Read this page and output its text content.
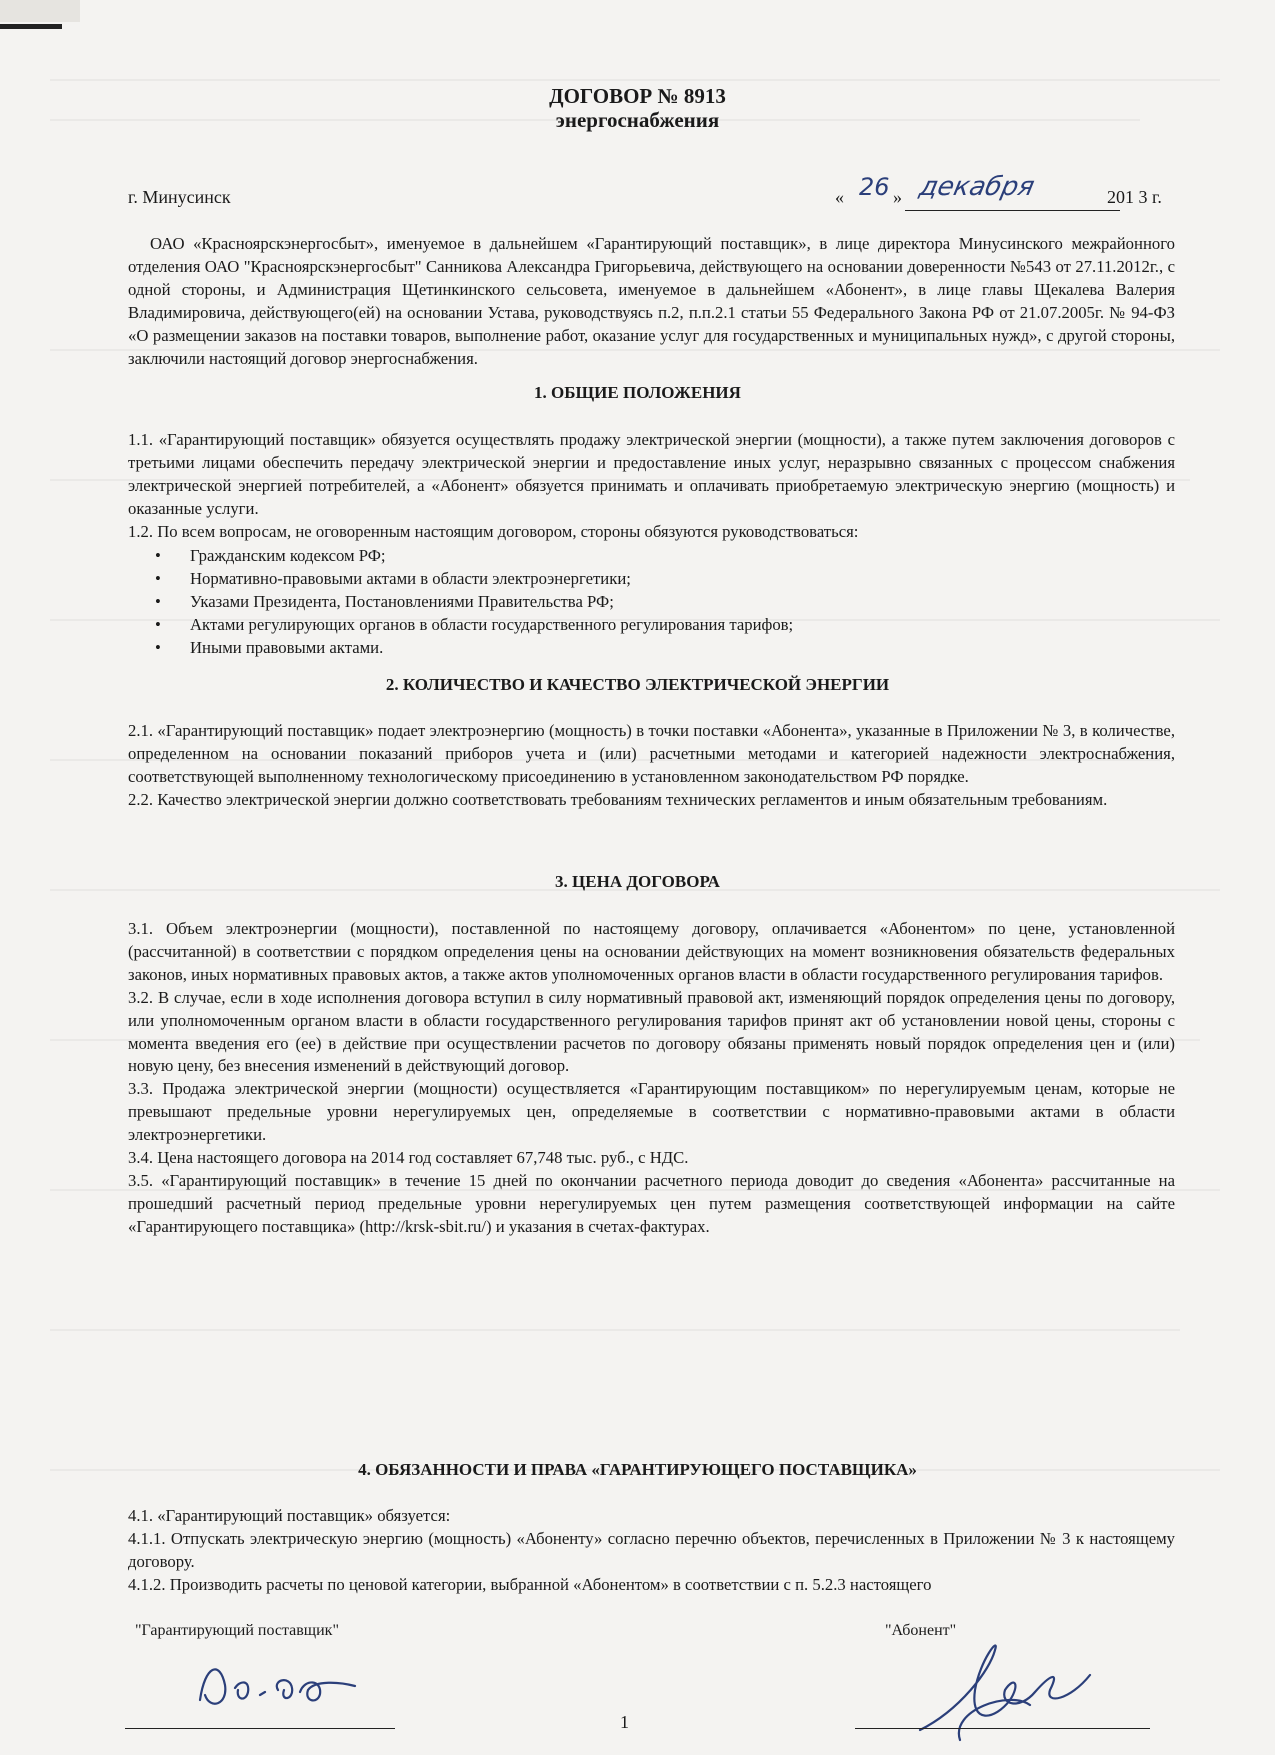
ДОГОВОР № 8913
энергоснабжения
г. Минусинск	« 26 » декабря	201 3 г.

ОАО «Красноярскэнергосбыт», именуемое в дальнейшем «Гарантирующий поставщик», в лице директора Минусинского межрайонного отделения ОАО "Красноярскэнергосбыт" Санникова Александра Григорьевича, действующего на основании доверенности №543 от 27.11.2012г., с одной стороны, и Администрация Щетинкинского сельсовета, именуемое в дальнейшем «Абонент», в лице главы Щекалева Валерия Владимировича, действующего(ей) на основании Устава, руководствуясь п.2, п.п.2.1 статьи 55 Федерального Закона РФ от 21.07.2005г. № 94-ФЗ «О размещении заказов на поставки товаров, выполнение работ, оказание услуг для государственных и муниципальных нужд», с другой стороны, заключили настоящий договор энергоснабжения.

1. ОБЩИЕ ПОЛОЖЕНИЯ

1.1. «Гарантирующий поставщик» обязуется осуществлять продажу электрической энергии (мощности), а также путем заключения договоров с третьими лицами обеспечить передачу электрической энергии и предоставление иных услуг, неразрывно связанных с процессом снабжения электрической энергией потребителей, а «Абонент» обязуется принимать и оплачивать приобретаемую электрическую энергию (мощность) и оказанные услуги.

1.2. По всем вопросам, не оговоренным настоящим договором, стороны обязуются руководствоваться:

• Гражданским кодексом РФ;
• Нормативно-правовыми актами в области электроэнергетики;
• Указами Президента, Постановлениями Правительства РФ;
• Актами регулирующих органов в области государственного регулирования тарифов;
• Иными правовыми актами.
2. КОЛИЧЕСТВО И КАЧЕСТВО ЭЛЕКТРИЧЕСКОЙ ЭНЕРГИИ

2.1. «Гарантирующий поставщик» подает электроэнергию (мощность) в точки поставки «Абонента», указанные в Приложении № 3, в количестве, определенном на основании показаний приборов учета и (или) расчетными методами и категорией надежности электроснабжения, соответствующей выполненному технологическому присоединению в установленном законодательством РФ порядке.

2.2. Качество электрической энергии должно соответствовать требованиям технических регламентов и иным обязательным требованиям.

3. ЦЕНА ДОГОВОРА

3.1. Объем электроэнергии (мощности), поставленной по настоящему договору, оплачивается «Абонентом» по цене, установленной (рассчитанной) в соответствии с порядком определения цены на основании действующих на момент возникновения обязательств федеральных законов, иных нормативных правовых актов, а также актов уполномоченных органов власти в области государственного регулирования тарифов.

3.2. В случае, если в ходе исполнения договора вступил в силу нормативный правовой акт, изменяющий порядок определения цены по договору, или уполномоченным органом власти в области государственного регулирования тарифов принят акт об установлении новой цены, стороны с момента введения его (ее) в действие при осуществлении расчетов по договору обязаны применять новый порядок определения цен и (или) новую цену, без внесения изменений в действующий договор.

3.3. Продажа электрической энергии (мощности) осуществляется «Гарантирующим поставщиком» по нерегулируемым ценам, которые не превышают предельные уровни нерегулируемых цен, определяемые в соответствии с нормативно-правовыми актами в области электроэнергетики.

3.4. Цена настоящего договора на 2014 год составляет 67,748 тыс. руб., с НДС.

3.5. «Гарантирующий поставщик» в течение 15 дней по окончании расчетного периода доводит до сведения «Абонента» рассчитанные на прошедший расчетный период предельные уровни нерегулируемых цен путем размещения соответствующей информации на сайте «Гарантирующего поставщика» (http://krsk-sbit.ru/) и указания в счетах-фактурах.

4. ОБЯЗАННОСТИ И ПРАВА «ГАРАНТИРУЮЩЕГО ПОСТАВЩИКА»

4.1. «Гарантирующий поставщик» обязуется:

4.1.1. Отпускать электрическую энергию (мощность) «Абоненту» согласно перечню объектов, перечисленных в Приложении № 3 к настоящему договору.

4.1.2. Производить расчеты по ценовой категории, выбранной «Абонентом» в соответствии с п. 5.2.3 настоящего

"Гарантирующий поставщик"	"Абонент"
1
